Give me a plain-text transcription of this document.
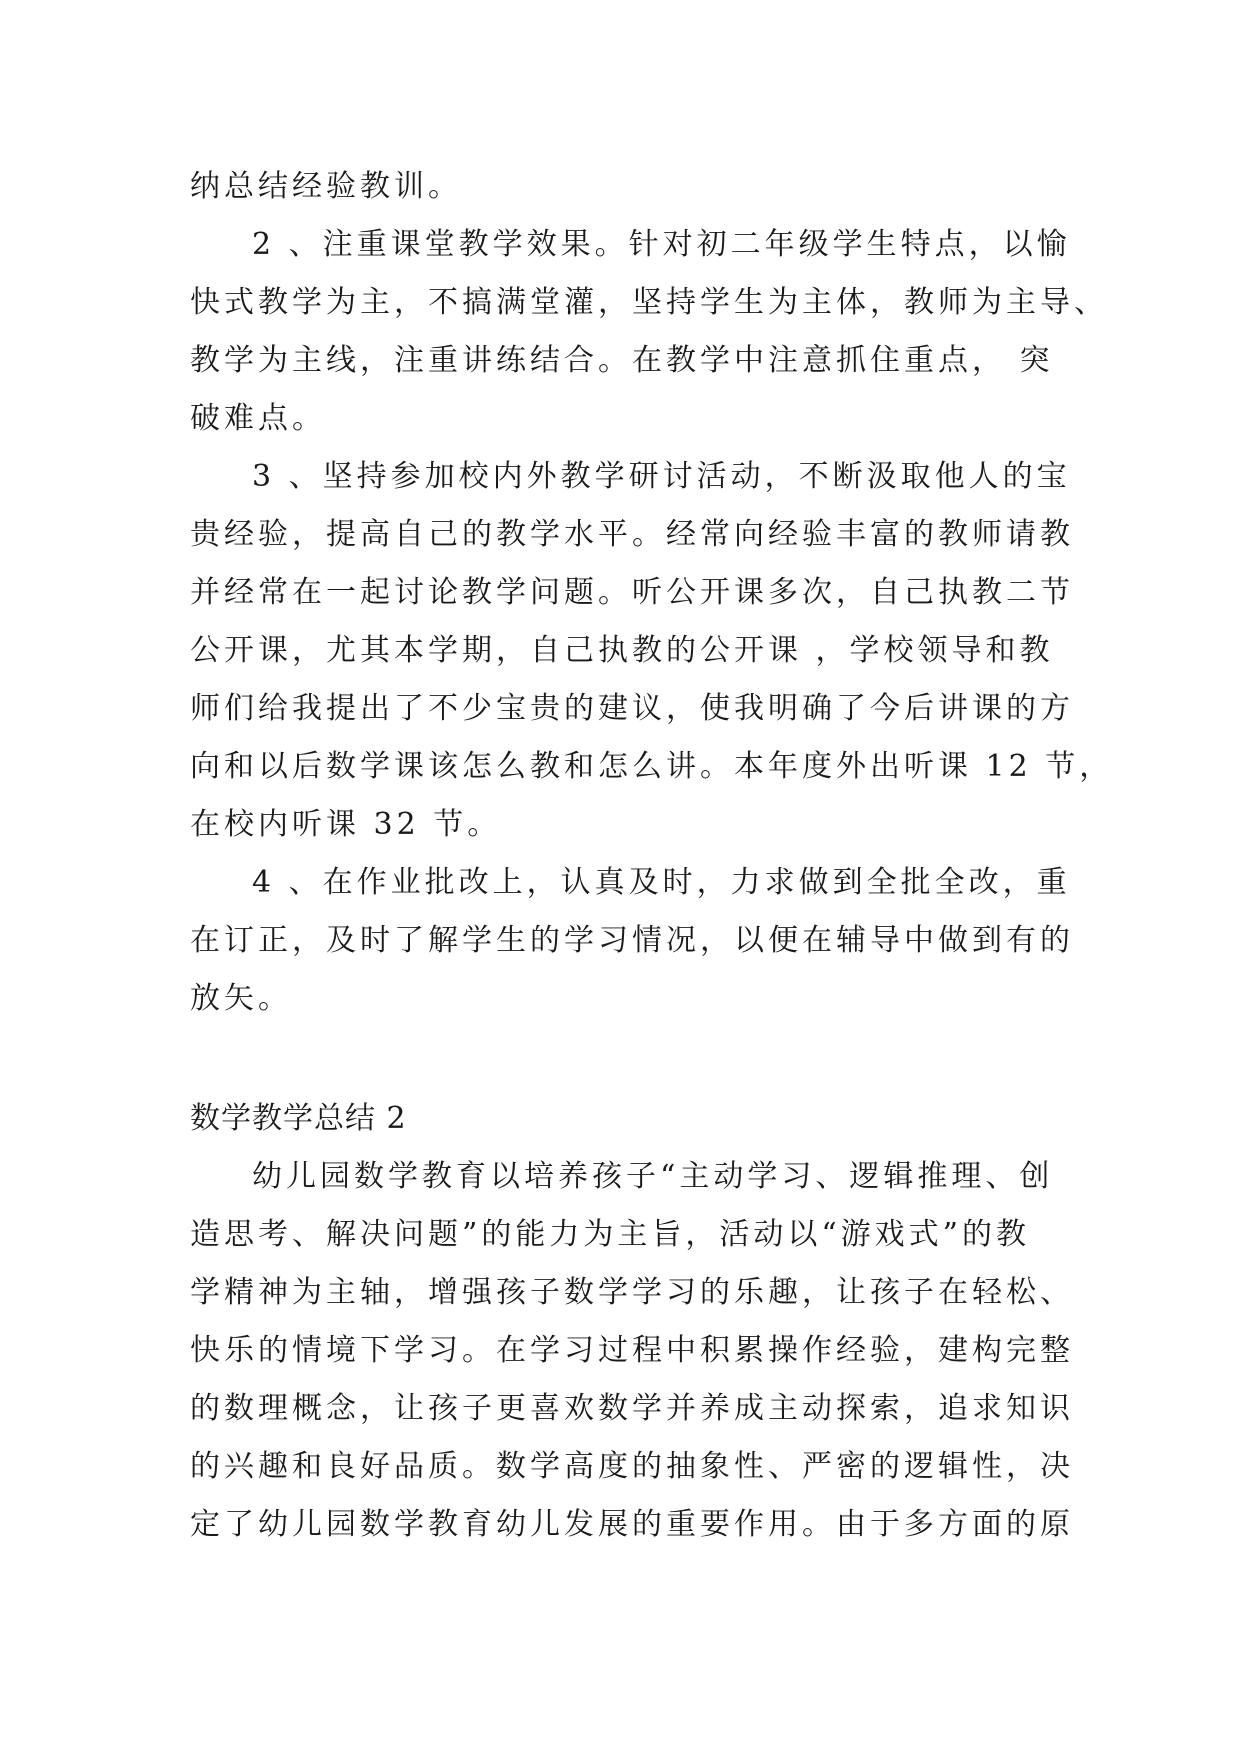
纳总结经验教训。
2 、注重课堂教学效果。针对初二年级学生特点，以愉
快式教学为主，不搞满堂灌，坚持学生为主体，教师为主导、
教学为主线，注重讲练结合。在教学中注意抓住重点， 突
破难点。
3 、坚持参加校内外教学研讨活动，不断汲取他人的宝
贵经验，提高自己的教学水平。经常向经验丰富的教师请教
并经常在一起讨论教学问题。听公开课多次，自己执教二节
公开课，尤其本学期，自己执教的公开课 ，学校领导和教
师们给我提出了不少宝贵的建议，使我明确了今后讲课的方
向和以后数学课该怎么教和怎么讲。本年度外出听课 12 节，
在校内听课 32 节。
4 、在作业批改上，认真及时，力求做到全批全改，重
在订正，及时了解学生的学习情况，以便在辅导中做到有的
放矢。
数学教学总结 2
幼儿园数学教育以培养孩子“主动学习、逻辑推理、创
造思考、解决问题”的能力为主旨，活动以“游戏式”的教
学精神为主轴，增强孩子数学学习的乐趣，让孩子在轻松、
快乐的情境下学习。在学习过程中积累操作经验，建构完整
的数理概念，让孩子更喜欢数学并养成主动探索，追求知识
的兴趣和良好品质。数学高度的抽象性、严密的逻辑性，决
定了幼儿园数学教育幼儿发展的重要作用。由于多方面的原
